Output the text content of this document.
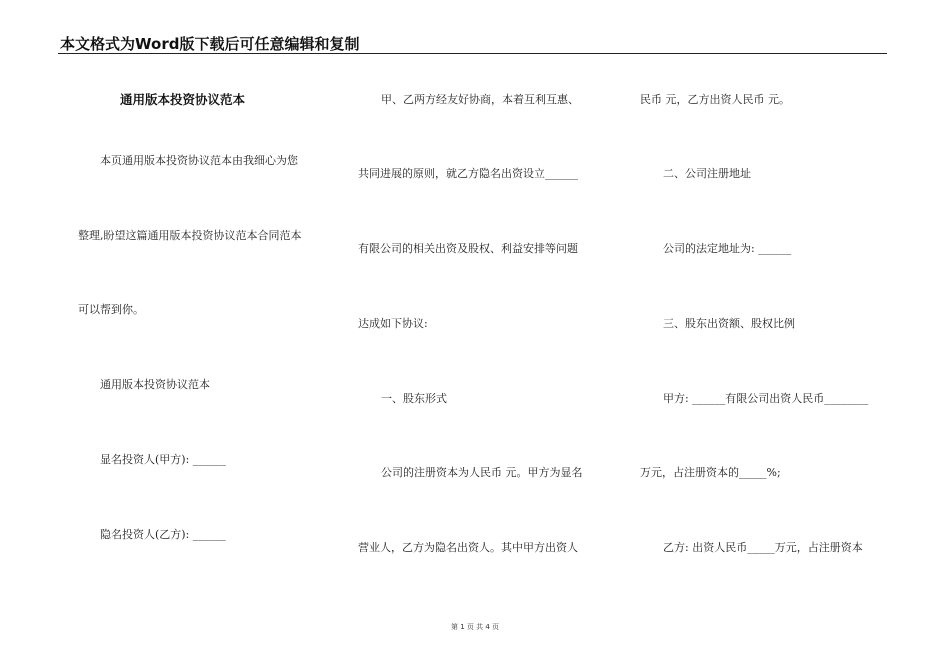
本文格式为Word版下载后可任意编辑和复制
通用版本投资协议范本
本页通用版本投资协议范本由我细心为您
整理,盼望这篇通用版本投资协议范本合同范本
可以帮到你。
通用版本投资协议范本
显名投资人(甲方): ______
隐名投资人(乙方): ______
甲、乙两方经友好协商，本着互利互惠、
共同进展的原则，就乙方隐名出资设立______
有限公司的相关出资及股权、利益安排等问题
达成如下协议:
一、股东形式
公司的注册资本为人民币 元。甲方为显名
营业人，乙方为隐名出资人。其中甲方出资人
民币 元，乙方出资人民币 元。
二、公司注册地址
公司的法定地址为: ______
三、股东出资额、股权比例
甲方: ______有限公司出资人民币________
万元，占注册资本的_____%;
乙方: 出资人民币_____万元，占注册资本
第 1 页 共 4 页
